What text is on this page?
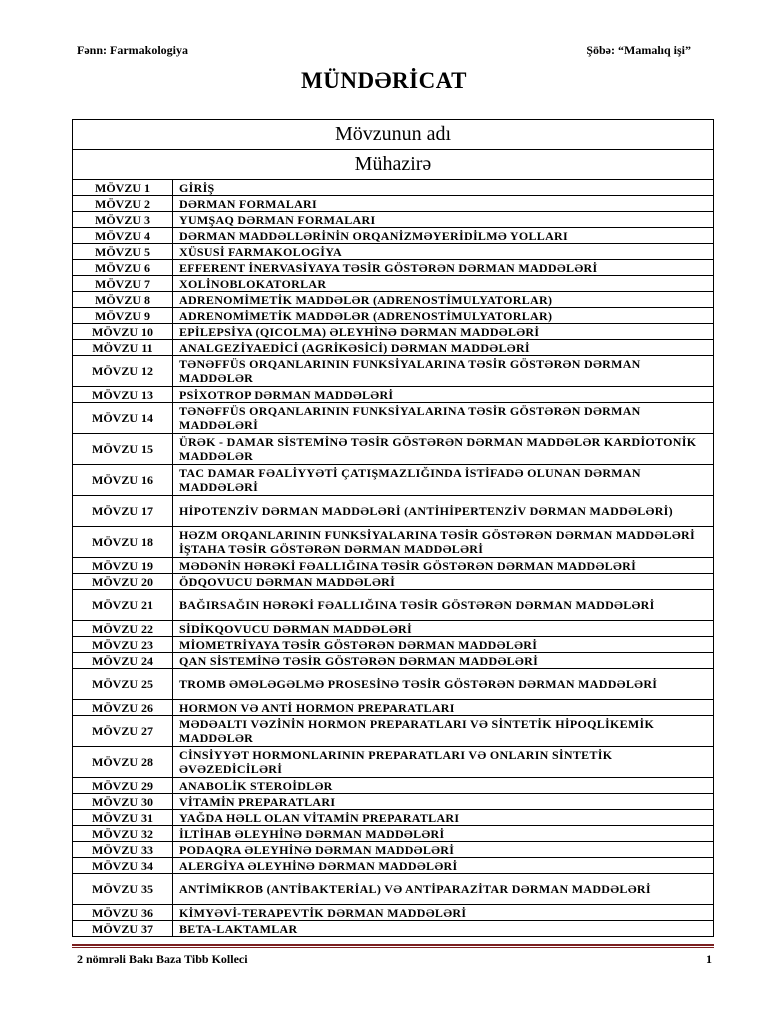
Fənn: Farmakologiya	Şöbə: “Mamalıq işi”
MÜNDƏRİCAT
Mövzunun adı	
Mühazirə	
MÖVZU 1	GİRİŞ
MÖVZU 2	DƏRMAN FORMALARI
MÖVZU 3	YUMŞAQ DƏRMAN FORMALARI
MÖVZU 4	DƏRMAN MADDƏLLƏRİNİN ORQANİZMƏYERİDİLMƏ YOLLARI
MÖVZU 5	XÜSUSİ FARMAKOLOGİYA
MÖVZU 6	EFFERENT İNERVASİYAYA TƏSİR GÖSTƏRƏN DƏRMAN MADDƏLƏRİ
MÖVZU 7	XOLİNOBLOKATORLAR
MÖVZU 8	ADRENOMİMETİK MADDƏLƏR (ADRENOSTİMULYATORLAR)
MÖVZU 9	ADRENOMİMETİK MADDƏLƏR (ADRENOSTİMULYATORLAR)
MÖVZU 10	EPİLEPSİYA (QICOLMA) ƏLEYHİNƏ DƏRMAN MADDƏLƏRİ
MÖVZU 11	ANALGEZİYAEDİCİ (AGRİKƏSİCİ) DƏRMAN MADDƏLƏRİ
MÖVZU 12	TƏNƏFFÜS ORQANLARININ FUNKSİYALARINA TƏSİR GÖSTƏRƏN DƏRMAN MADDƏLƏR
MÖVZU 13	PSİXOTROP DƏRMAN MADDƏLƏRİ
MÖVZU 14	TƏNƏFFÜS ORQANLARININ FUNKSİYALARINA TƏSİR GÖSTƏRƏN DƏRMAN MADDƏLƏRİ
MÖVZU 15	ÜRƏK - DAMAR SİSTEMİNƏ TƏSİR GÖSTƏRƏN DƏRMAN MADDƏLƏR KARDİOTONİK MADDƏLƏR
MÖVZU 16	TAC DAMAR FƏALİYYƏTİ ÇATIŞMAZLIĞINDA İSTİFADƏ OLUNAN DƏRMAN MADDƏLƏRİ
MÖVZU 17	HİPOTENZİV DƏRMAN MADDƏLƏRİ (ANTİHİPERTENZİV DƏRMAN MADDƏLƏRİ)
MÖVZU 18	HƏZM ORQANLARININ FUNKSİYALARINA TƏSİR GÖSTƏRƏN DƏRMAN MADDƏLƏRİ İŞTAHA TƏSİR GÖSTƏRƏN DƏRMAN MADDƏLƏRİ
MÖVZU 19	MƏDƏNİN HƏRƏKİ FƏALLIĞINA TƏSİR GÖSTƏRƏN DƏRMAN MADDƏLƏRİ
MÖVZU 20	ÖDQOVUCU DƏRMAN MADDƏLƏRİ
MÖVZU 21	BAĞIRSAĞIN HƏRƏKİ FƏALLIĞINA TƏSİR GÖSTƏRƏN DƏRMAN MADDƏLƏRİ
MÖVZU 22	SİDİKQOVUCU DƏRMAN MADDƏLƏRİ
MÖVZU 23	MİOMETRİYAYA TƏSİR GÖSTƏRƏN DƏRMAN MADDƏLƏRİ
MÖVZU 24	QAN SİSTEMİNƏ TƏSİR GÖSTƏRƏN DƏRMAN MADDƏLƏRİ
MÖVZU 25	TROMB ƏMƏLƏGƏLMƏ PROSESİNƏ TƏSİR GÖSTƏRƏN DƏRMAN MADDƏLƏRİ
MÖVZU 26	HORMON VƏ ANTİ HORMON PREPARATLARI
MÖVZU 27	MƏDƏALTI VƏZİNİN HORMON PREPARATLARI VƏ SİNTETİK HİPOQLİKEMİK MADDƏLƏR
MÖVZU 28	CİNSİYYƏT HORMONLARININ PREPARATLARI VƏ ONLARIN SİNTETİK ƏVƏZEDİCİLƏRİ
MÖVZU 29	ANABOLİK STEROİDLƏR
MÖVZU 30	VİTAMİN PREPARATLARI
MÖVZU 31	YAĞDA HƏLL OLAN VİTAMİN PREPARATLARI
MÖVZU 32	İLTİHAB ƏLEYHİNƏ DƏRMAN MADDƏLƏRİ
MÖVZU 33	PODAQRA ƏLEYHİNƏ DƏRMAN MADDƏLƏRİ
MÖVZU 34	ALERGİYA ƏLEYHİNƏ DƏRMAN MADDƏLƏRİ
MÖVZU 35	ANTİMİKROB (ANTİBAKTERİAL) VƏ ANTİPARAZİTAR DƏRMAN MADDƏLƏRİ
MÖVZU 36	KİMYƏVİ-TERAPEVTİK DƏRMAN MADDƏLƏRİ
MÖVZU 37	BETA-LAKTAMLAR
2 nömrəli Bakı Baza Tibb Kolleci	1
